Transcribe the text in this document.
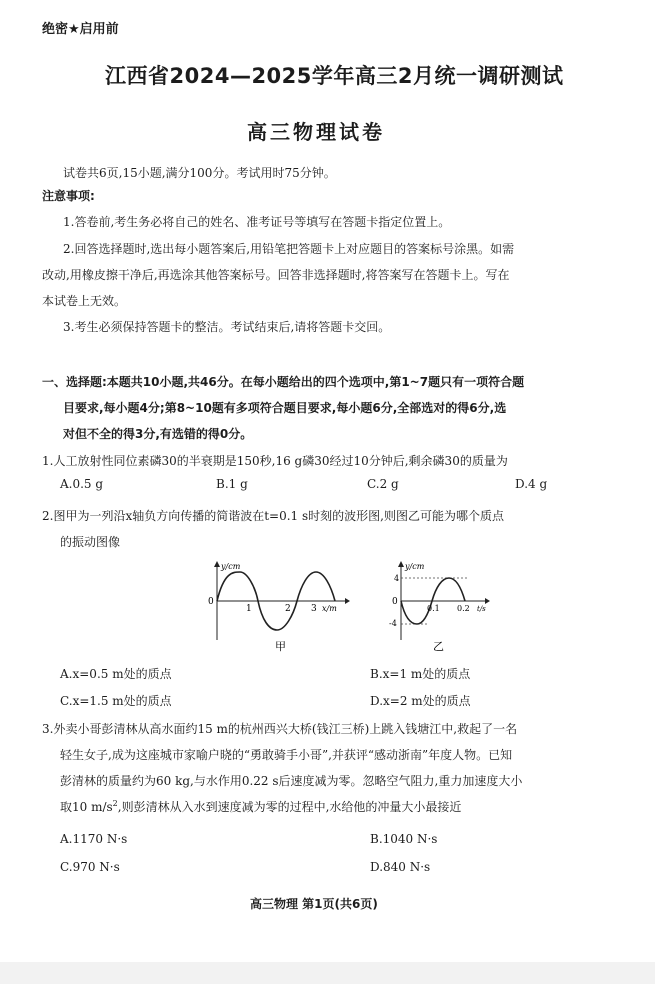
绝密★启用前
江西省2024—2025学年高三2月统一调研测试
高三物理试卷
试卷共6页,15小题,满分100分。考试用时75分钟。
注意事项:
1.答卷前,考生务必将自己的姓名、准考证号等填写在答题卡指定位置上。
2.回答选择题时,选出每小题答案后,用铅笔把答题卡上对应题目的答案标号涂黑。如需
改动,用橡皮擦干净后,再选涂其他答案标号。回答非选择题时,将答案写在答题卡上。写在
本试卷上无效。
3.考生必须保持答题卡的整洁。考试结束后,请将答题卡交回。
一、选择题:本题共10小题,共46分。在每小题给出的四个选项中,第1~7题只有一项符合题
目要求,每小题4分;第8~10题有多项符合题目要求,每小题6分,全部选对的得6分,选
对但不全的得3分,有选错的得0分。
1.人工放射性同位素磷30的半衰期是150秒,16 g磷30经过10分钟后,剩余磷30的质量为
A.0.5 g	B.1 g	C.2 g	D.4 g
2.图甲为一列沿x轴负方向传播的简谐波在t=0.1 s时刻的波形图,则图乙可能为哪个质点
的振动图像
y/cm
0
1	2 3 x/m
甲
y/cm
4
-4
0
0.1 0.2 t/s
乙
A.x=0.5 m处的质点	B.x=1 m处的质点
C.x=1.5 m处的质点	D.x=2 m处的质点
3.外卖小哥彭清林从高水面约15 m的杭州西兴大桥(钱江三桥)上跳入钱塘江中,救起了一名
轻生女子,成为这座城市家喻户晓的“勇敢骑手小哥”,并获评“感动浙南”年度人物。已知
彭清林的质量约为60 kg,与水作用0.22 s后速度减为零。忽略空气阻力,重力加速度大小
取10 $m/s^2$,则彭清林从入水到速度减为零的过程中,水给他的冲量大小最接近
A.1170 N·s	B.1040 N·s
C.970 N·s	D.840 N·s
高三物理 第1页(共6页)
